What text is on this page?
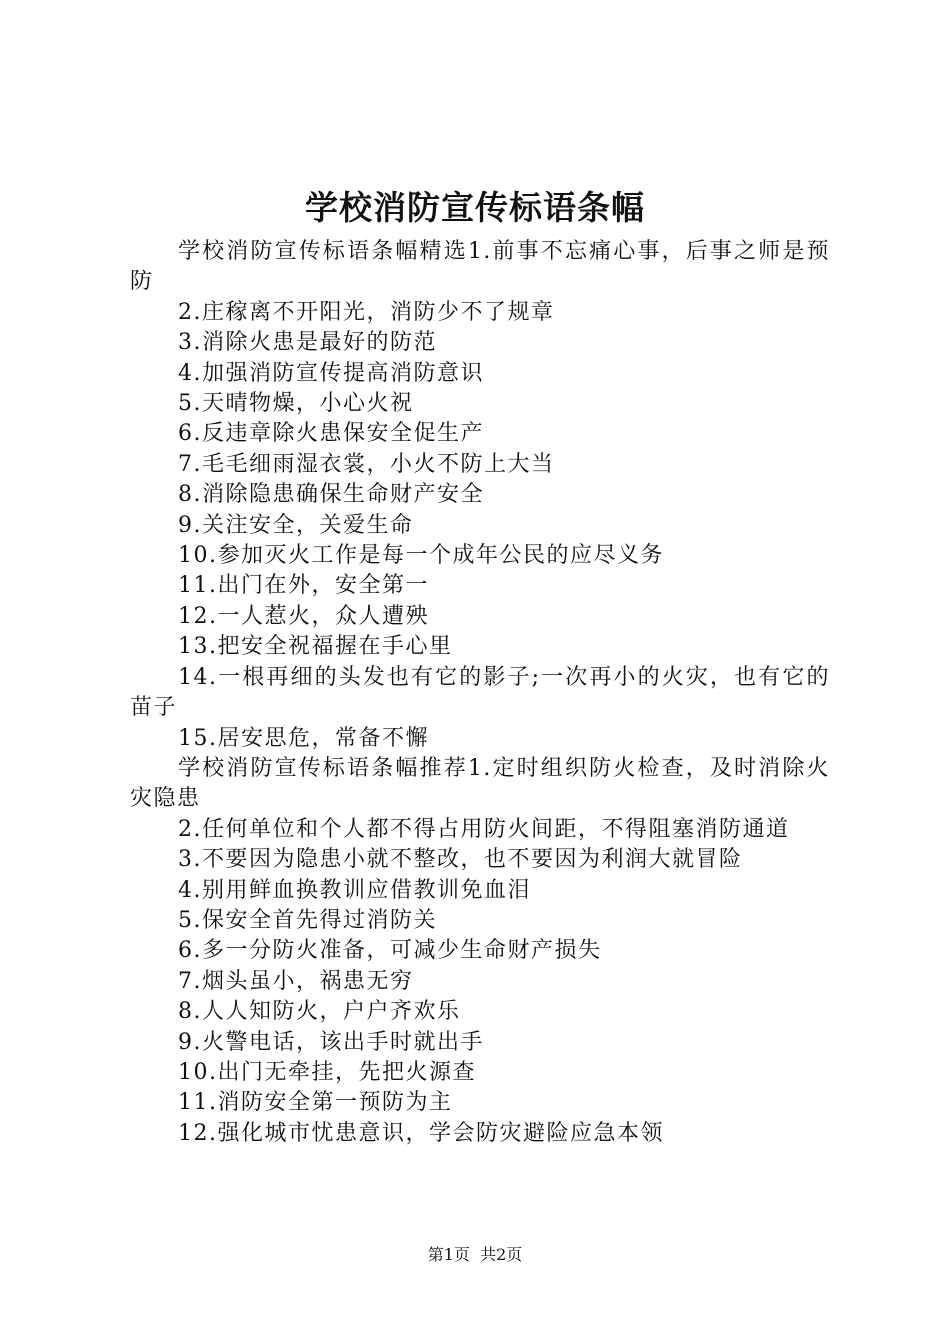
学校消防宣传标语条幅

学校消防宣传标语条幅精选1.前事不忘痛心事，后事之师是预防

2.庄稼离不开阳光，消防少不了规章

3.消除火患是最好的防范

4.加强消防宣传提高消防意识

5.天晴物燥，小心火祝

6.反违章除火患保安全促生产

7.毛毛细雨湿衣裳，小火不防上大当

8.消除隐患确保生命财产安全

9.关注安全，关爱生命

10.参加灭火工作是每一个成年公民的应尽义务

11.出门在外，安全第一

12.一人惹火，众人遭殃

13.把安全祝福握在手心里

14.一根再细的头发也有它的影子;一次再小的火灾，也有它的苗子

15.居安思危，常备不懈

学校消防宣传标语条幅推荐1.定时组织防火检查，及时消除火灾隐患

2.任何单位和个人都不得占用防火间距，不得阻塞消防通道

3.不要因为隐患小就不整改，也不要因为利润大就冒险

4.别用鲜血换教训应借教训免血泪

5.保安全首先得过消防关

6.多一分防火准备，可减少生命财产损失

7.烟头虽小，祸患无穷

8.人人知防火，户户齐欢乐

9.火警电话，该出手时就出手

10.出门无牵挂，先把火源查

11.消防安全第一预防为主

12.强化城市忧患意识，学会防灾避险应急本领

第1页  共2页
